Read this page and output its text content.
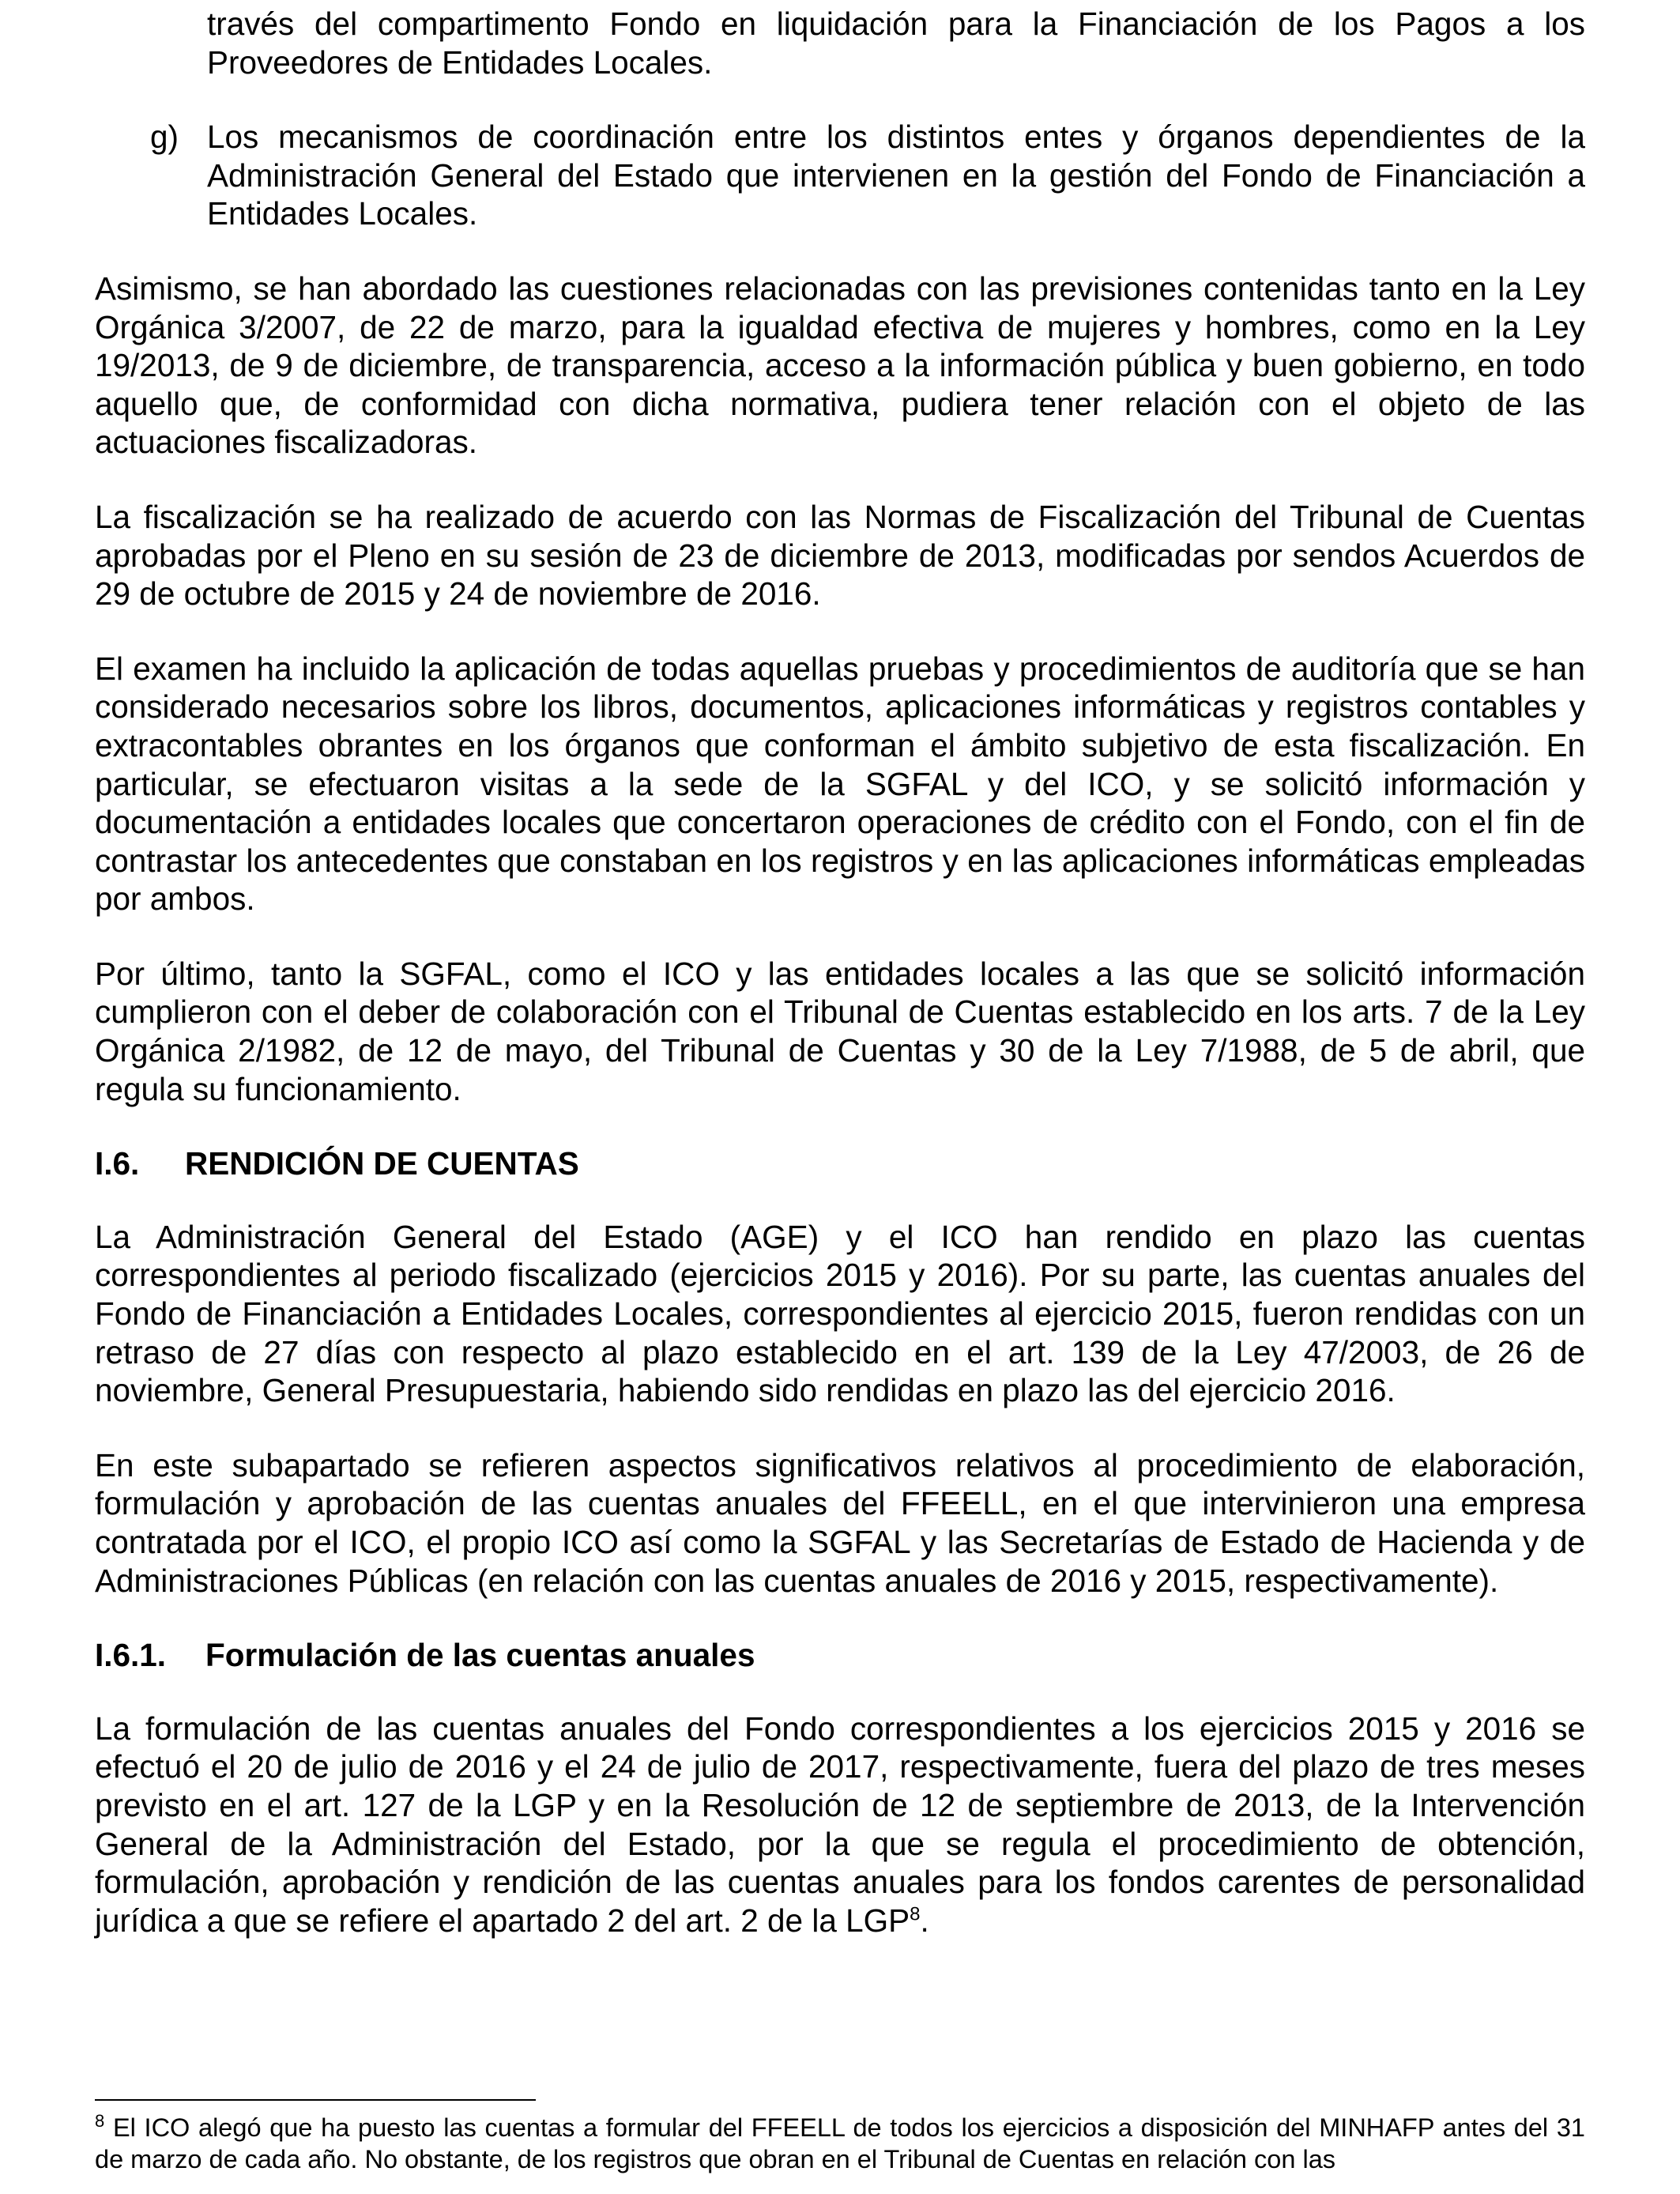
través del compartimento Fondo en liquidación para la Financiación de los Pagos a los Proveedores de Entidades Locales.

g) Los mecanismos de coordinación entre los distintos entes y órganos dependientes de la Administración General del Estado que intervienen en la gestión del Fondo de Financiación a Entidades Locales.

Asimismo, se han abordado las cuestiones relacionadas con las previsiones contenidas tanto en la Ley Orgánica 3/2007, de 22 de marzo, para la igualdad efectiva de mujeres y hombres, como en la Ley 19/2013, de 9 de diciembre, de transparencia, acceso a la información pública y buen gobierno, en todo aquello que, de conformidad con dicha normativa, pudiera tener relación con el objeto de las actuaciones fiscalizadoras.

La fiscalización se ha realizado de acuerdo con las Normas de Fiscalización del Tribunal de Cuentas aprobadas por el Pleno en su sesión de 23 de diciembre de 2013, modificadas por sendos Acuerdos de 29 de octubre de 2015 y 24 de noviembre de 2016.

El examen ha incluido la aplicación de todas aquellas pruebas y procedimientos de auditoría que se han considerado necesarios sobre los libros, documentos, aplicaciones informáticas y registros contables y extracontables obrantes en los órganos que conforman el ámbito subjetivo de esta fiscalización. En particular, se efectuaron visitas a la sede de la SGFAL y del ICO, y se solicitó información y documentación a entidades locales que concertaron operaciones de crédito con el Fondo, con el fin de contrastar los antecedentes que constaban en los registros y en las aplicaciones informáticas empleadas por ambos.

Por último, tanto la SGFAL, como el ICO y las entidades locales a las que se solicitó información cumplieron con el deber de colaboración con el Tribunal de Cuentas establecido en los arts. 7 de la Ley Orgánica 2/1982, de 12 de mayo, del Tribunal de Cuentas y 30 de la Ley 7/1988, de 5 de abril, que regula su funcionamiento.

I.6.	RENDICIÓN DE CUENTAS

La Administración General del Estado (AGE) y el ICO han rendido en plazo las cuentas correspondientes al periodo fiscalizado (ejercicios 2015 y 2016). Por su parte, las cuentas anuales del Fondo de Financiación a Entidades Locales, correspondientes al ejercicio 2015, fueron rendidas con un retraso de 27 días con respecto al plazo establecido en el art. 139 de la Ley 47/2003, de 26 de noviembre, General Presupuestaria, habiendo sido rendidas en plazo las del ejercicio 2016.

En este subapartado se refieren aspectos significativos relativos al procedimiento de elaboración, formulación y aprobación de las cuentas anuales del FFEELL, en el que intervinieron una empresa contratada por el ICO, el propio ICO así como la SGFAL y las Secretarías de Estado de Hacienda y de Administraciones Públicas (en relación con las cuentas anuales de 2016 y 2015, respectivamente).

I.6.1.	Formulación de las cuentas anuales

La formulación de las cuentas anuales del Fondo correspondientes a los ejercicios 2015 y 2016 se efectuó el 20 de julio de 2016 y el 24 de julio de 2017, respectivamente, fuera del plazo de tres meses previsto en el art. 127 de la LGP y en la Resolución de 12 de septiembre de 2013, de la Intervención General de la Administración del Estado, por la que se regula el procedimiento de obtención, formulación, aprobación y rendición de las cuentas anuales para los fondos carentes de personalidad jurídica a que se refiere el apartado 2 del art. 2 de la LGP$^8$.

$^8$ El ICO alegó que ha puesto las cuentas a formular del FFEELL de todos los ejercicios a disposición del MINHAFP antes del 31 de marzo de cada año. No obstante, de los registros que obran en el Tribunal de Cuentas en relación con las
